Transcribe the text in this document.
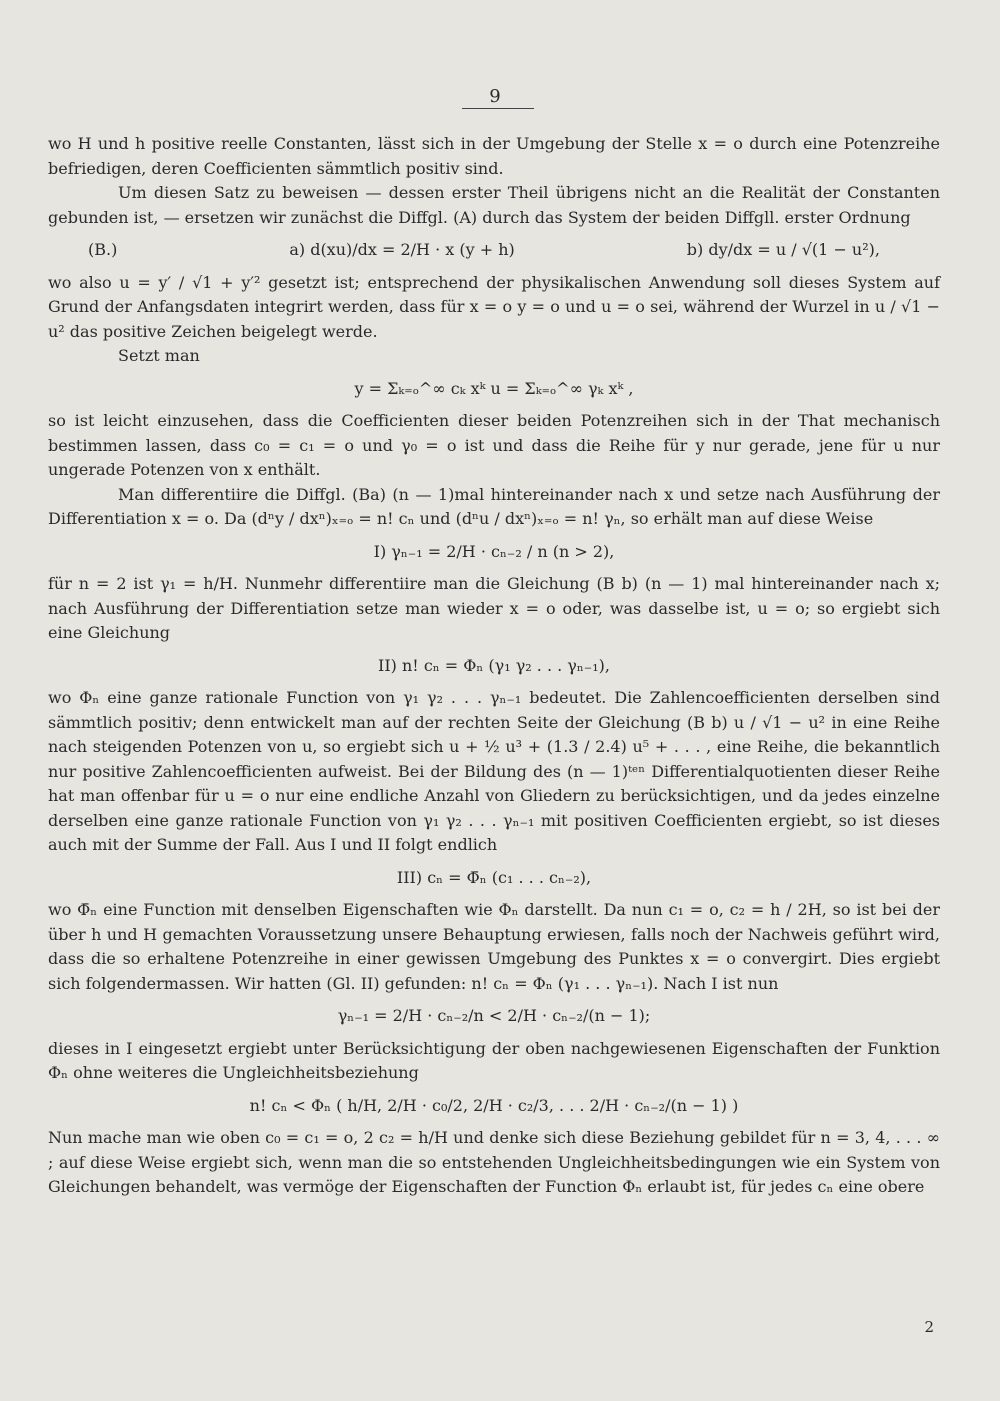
9

wo H und h positive reelle Constanten, lässt sich in der Umgebung der Stelle x = o durch eine Potenzreihe befriedigen, deren Coefficienten sämmtlich positiv sind.

Um diesen Satz zu beweisen — dessen erster Theil übrigens nicht an die Realität der Constanten gebunden ist, — ersetzen wir zunächst die Diffgl. (A) durch das System der beiden Diffgll. erster Ordnung

(B.)	a) d(xu)/dx = 2/H · x (y + h)	b) dy/dx = u / √(1 − u²),

wo also u = y′ / √1 + y′² gesetzt ist; entsprechend der physikalischen Anwendung soll dieses System auf Grund der Anfangsdaten integrirt werden, dass für x = o y = o und u = o sei, während der Wurzel in u / √1 − u² das positive Zeichen beigelegt werde.

Setzt man

y = Σₖ₌ₒ^∞ cₖ xᵏ u = Σₖ₌ₒ^∞ γₖ xᵏ ,

so ist leicht einzusehen, dass die Coefficienten dieser beiden Potenzreihen sich in der That mechanisch bestimmen lassen, dass c₀ = c₁ = o und γ₀ = o ist und dass die Reihe für y nur gerade, jene für u nur ungerade Potenzen von x enthält.

Man differentiire die Diffgl. (Ba) (n — 1)mal hintereinander nach x und setze nach Ausführung der Differentiation x = o. Da (dⁿy / dxⁿ)ₓ₌ₒ = n! cₙ und (dⁿu / dxⁿ)ₓ₌ₒ = n! γₙ, so erhält man auf diese Weise

I) γₙ₋₁ = 2/H · cₙ₋₂ / n (n > 2),

für n = 2 ist γ₁ = h/H. Nunmehr differentiire man die Gleichung (B b) (n — 1) mal hintereinander nach x; nach Ausführung der Differentiation setze man wieder x = o oder, was dasselbe ist, u = o; so ergiebt sich eine Gleichung

II) n! cₙ = Φₙ (γ₁ γ₂ . . . γₙ₋₁),

wo Φₙ eine ganze rationale Function von γ₁ γ₂ . . . γₙ₋₁ bedeutet. Die Zahlencoefficienten derselben sind sämmtlich positiv; denn entwickelt man auf der rechten Seite der Gleichung (B b) u / √1 − u² in eine Reihe nach steigenden Potenzen von u, so ergiebt sich u + ½ u³ + (1.3 / 2.4) u⁵ + . . . , eine Reihe, die bekanntlich nur positive Zahlencoefficienten aufweist. Bei der Bildung des (n — 1)ᵗᵉⁿ Differentialquotienten dieser Reihe hat man offenbar für u = o nur eine endliche Anzahl von Gliedern zu berücksichtigen, und da jedes einzelne derselben eine ganze rationale Function von γ₁ γ₂ . . . γₙ₋₁ mit positiven Coefficienten ergiebt, so ist dieses auch mit der Summe der Fall. Aus I und II folgt endlich

III) cₙ = Φ̄ₙ (c₁ . . . cₙ₋₂),

wo Φ̄ₙ eine Function mit denselben Eigenschaften wie Φₙ darstellt. Da nun c₁ = o, c₂ = h / 2H, so ist bei der über h und H gemachten Voraussetzung unsere Behauptung erwiesen, falls noch der Nachweis geführt wird, dass die so erhaltene Potenzreihe in einer gewissen Umgebung des Punktes x = o convergirt. Dies ergiebt sich folgendermassen. Wir hatten (Gl. II) gefunden: n! cₙ = Φₙ (γ₁ . . . γₙ₋₁). Nach I ist nun

γₙ₋₁ = 2/H · cₙ₋₂/n < 2/H · cₙ₋₂/(n − 1);

dieses in I eingesetzt ergiebt unter Berücksichtigung der oben nachgewiesenen Eigenschaften der Funktion Φₙ ohne weiteres die Ungleichheitsbeziehung

n! cₙ < Φₙ ( h/H, 2/H · c₀/2, 2/H · c₂/3, . . . 2/H · cₙ₋₂/(n − 1) )

Nun mache man wie oben c₀ = c₁ = o, 2 c₂ = h/H und denke sich diese Beziehung gebildet für n = 3, 4, . . . ∞ ; auf diese Weise ergiebt sich, wenn man die so entstehenden Ungleichheitsbedingungen wie ein System von Gleichungen behandelt, was vermöge der Eigenschaften der Function Φₙ erlaubt ist, für jedes cₙ eine obere

2
